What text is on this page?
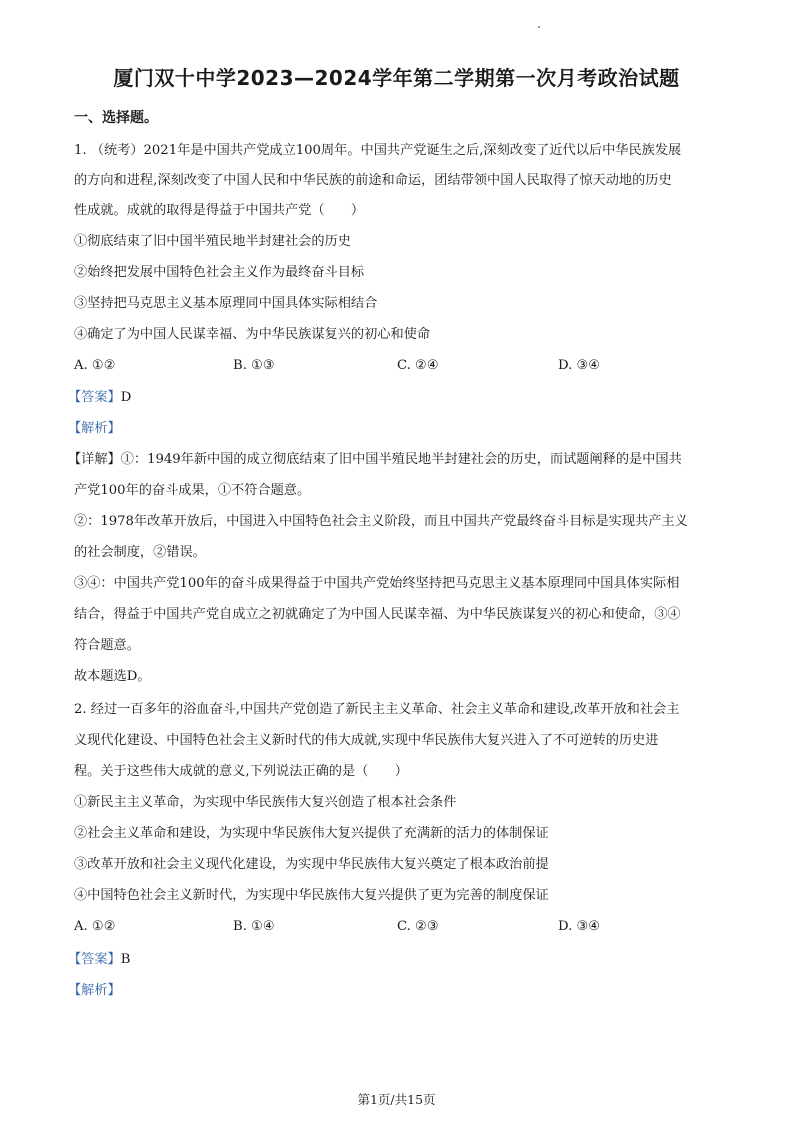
厦门双十中学2023—2024学年第二学期第一次月考政治试题
一、选择题。
1. （统考）2021年是中国共产党成立100周年。中国共产党诞生之后,深刻改变了近代以后中华民族发展
的方向和进程,深刻改变了中国人民和中华民族的前途和命运，团结带领中国人民取得了惊天动地的历史
性成就。成就的取得是得益于中国共产党（　　）
①彻底结束了旧中国半殖民地半封建社会的历史
②始终把发展中国特色社会主义作为最终奋斗目标
③坚持把马克思主义基本原理同中国具体实际相结合
④确定了为中国人民谋幸福、为中华民族谋复兴的初心和使命
A. ①②	B. ①③	C. ②④	D. ③④
【答案】D
【解析】
【详解】①：1949年新中国的成立彻底结束了旧中国半殖民地半封建社会的历史，而试题阐释的是中国共
产党100年的奋斗成果，①不符合题意。
②：1978年改革开放后，中国进入中国特色社会主义阶段，而且中国共产党最终奋斗目标是实现共产主义
的社会制度，②错误。
③④：中国共产党100年的奋斗成果得益于中国共产党始终坚持把马克思主义基本原理同中国具体实际相
结合，得益于中国共产党自成立之初就确定了为中国人民谋幸福、为中华民族谋复兴的初心和使命，③④
符合题意。
故本题选D。
2. 经过一百多年的浴血奋斗,中国共产党创造了新民主主义革命、社会主义革命和建设,改革开放和社会主
义现代化建设、中国特色社会主义新时代的伟大成就,实现中华民族伟大复兴进入了不可逆转的历史进
程。关于这些伟大成就的意义,下列说法正确的是（　　）
①新民主主义革命，为实现中华民族伟大复兴创造了根本社会条件
②社会主义革命和建设，为实现中华民族伟大复兴提供了充满新的活力的体制保证
③改革开放和社会主义现代化建设，为实现中华民族伟大复兴奠定了根本政治前提
④中国特色社会主义新时代，为实现中华民族伟大复兴提供了更为完善的制度保证
A. ①②	B. ①④	C. ②③	D. ③④
【答案】B
【解析】
第1页/共15页
